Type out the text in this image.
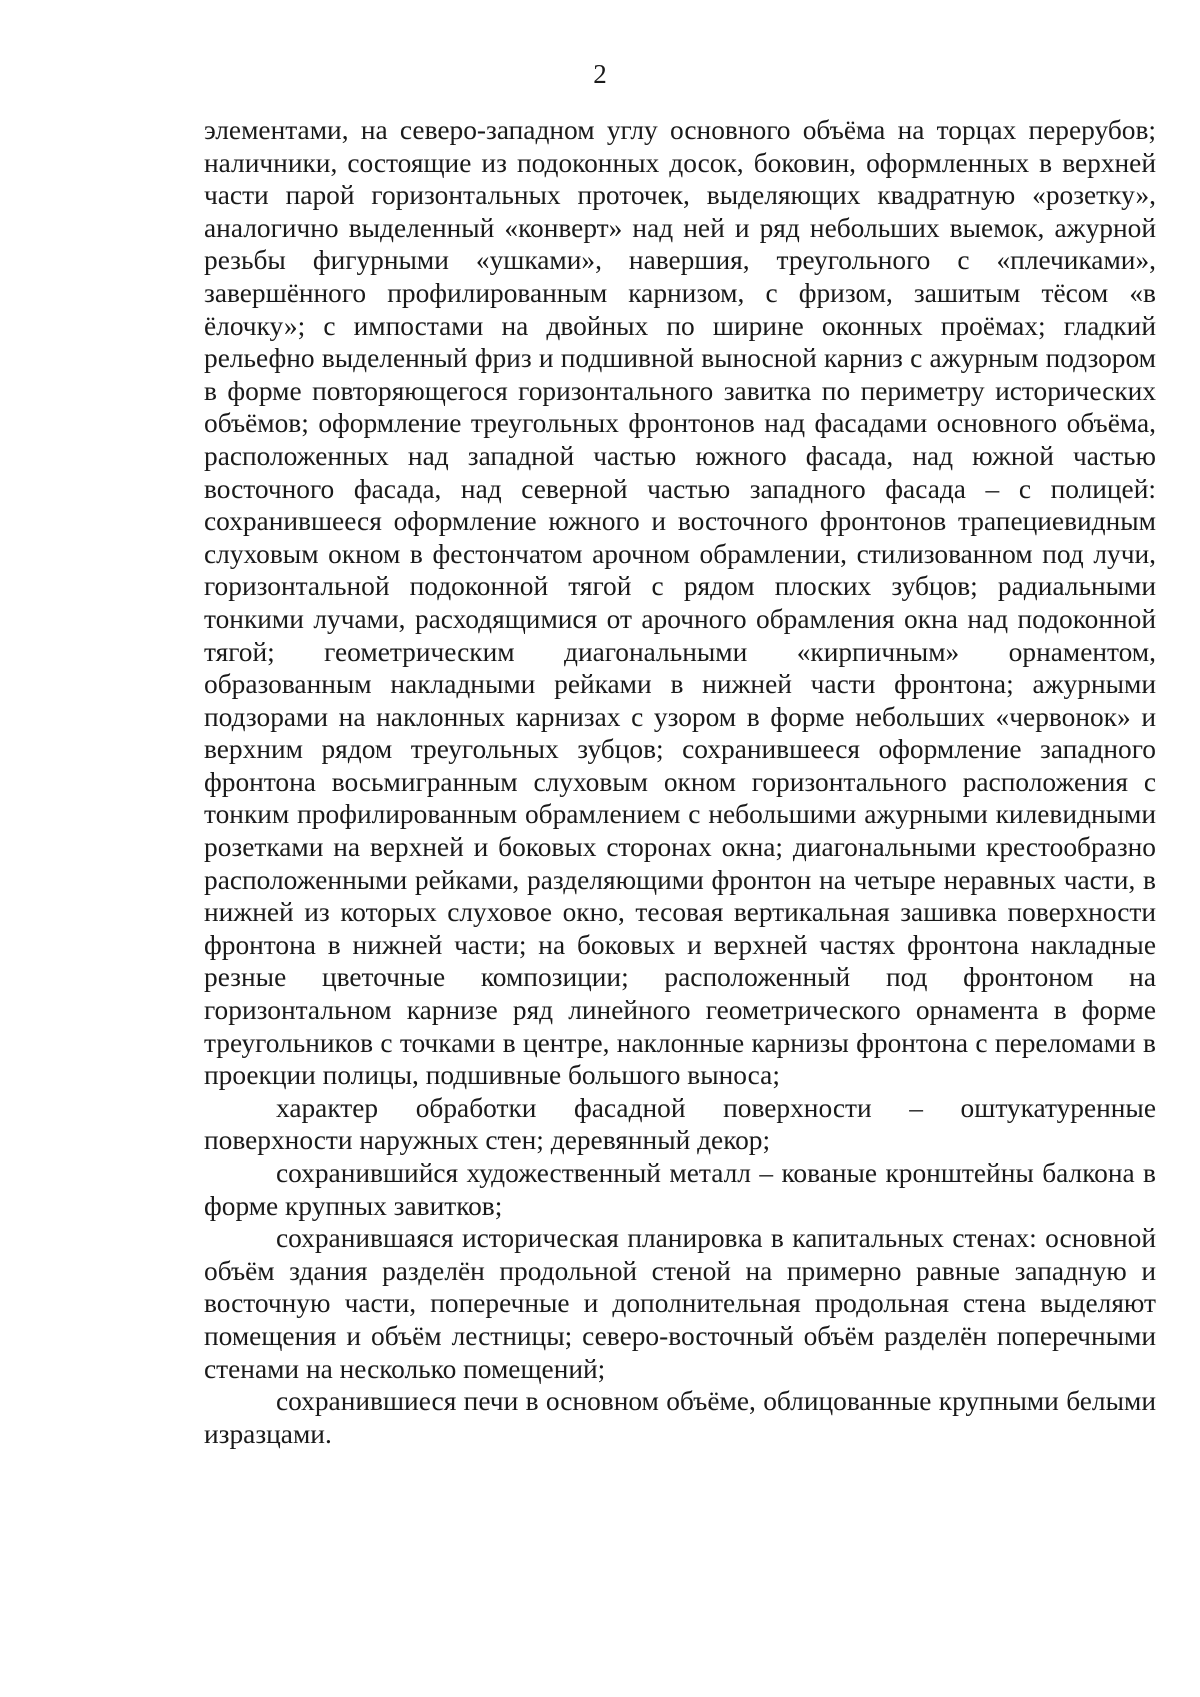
2

элементами, на северо-западном углу основного объёма на торцах перерубов; наличники, состоящие из подоконных досок, боковин, оформленных в верхней части парой горизонтальных проточек, выделяющих квадратную «розетку», аналогично выделенный «конверт» над ней и ряд небольших выемок, ажурной резьбы фигурными «ушками», навершия, треугольного с «плечиками», завершённого профилированным карнизом, с фризом, зашитым тёсом «в ёлочку»; с импостами на двойных по ширине оконных проёмах; гладкий рельефно выделенный фриз и подшивной выносной карниз с ажурным подзором в форме повторяющегося горизонтального завитка по периметру исторических объёмов; оформление треугольных фронтонов над фасадами основного объёма, расположенных над западной частью южного фасада, над южной частью восточного фасада, над северной частью западного фасада – с полицей: сохранившееся оформление южного и восточного фронтонов трапециевидным слуховым окном в фестончатом арочном обрамлении, стилизованном под лучи, горизонтальной подоконной тягой с рядом плоских зубцов; радиальными тонкими лучами, расходящимися от арочного обрамления окна над подоконной тягой; геометрическим диагональными «кирпичным» орнаментом, образованным накладными рейками в нижней части фронтона; ажурными подзорами на наклонных карнизах с узором в форме небольших «червонок» и верхним рядом треугольных зубцов; сохранившееся оформление западного фронтона восьмигранным слуховым окном горизонтального расположения с тонким профилированным обрамлением с небольшими ажурными килевидными розетками на верхней и боковых сторонах окна; диагональными крестообразно расположенными рейками, разделяющими фронтон на четыре неравных части, в нижней из которых слуховое окно, тесовая вертикальная зашивка поверхности фронтона в нижней части; на боковых и верхней частях фронтона накладные резные цветочные композиции; расположенный под фронтоном на горизонтальном карнизе ряд линейного геометрического орнамента в форме треугольников с точками в центре, наклонные карнизы фронтона с переломами в проекции полицы, подшивные большого выноса;

характер обработки фасадной поверхности – оштукатуренные поверхности наружных стен; деревянный декор;

сохранившийся художественный металл – кованые кронштейны балкона в форме крупных завитков;

сохранившаяся историческая планировка в капитальных стенах: основной объём здания разделён продольной стеной на примерно равные западную и восточную части, поперечные и дополнительная продольная стена выделяют помещения и объём лестницы; северо-восточный объём разделён поперечными стенами на несколько помещений;

сохранившиеся печи в основном объёме, облицованные крупными белыми изразцами.
